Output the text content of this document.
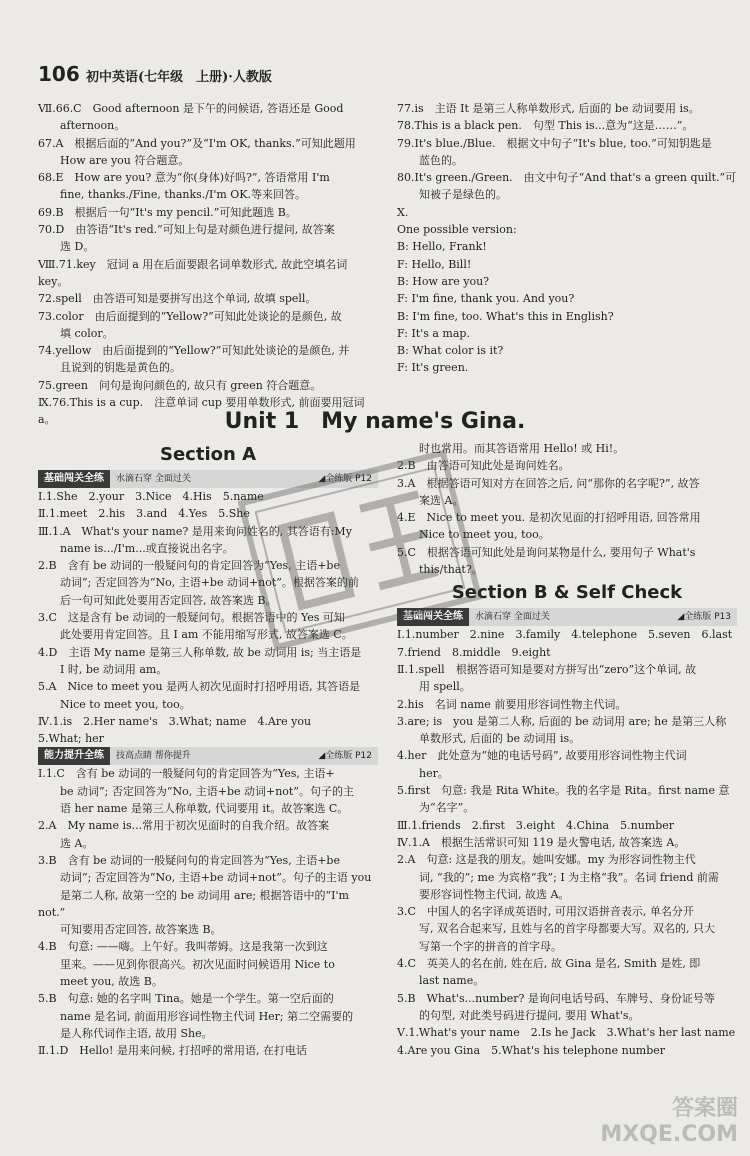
106 初中英语(七年级　上册)·人教版
Ⅶ.66.C　Good afternoon 是下午的问候语, 答语还是 Good
　　afternoon。
67.A　根据后面的“And you?”及“I'm OK, thanks.”可知此题用
　　How are you 符合题意。
68.E　How are you? 意为“你(身体)好吗?”, 答语常用 I'm
　　fine, thanks./Fine, thanks./I'm OK.等来回答。
69.B　根据后一句“It's my pencil.”可知此题选 B。
70.D　由答语“It's red.”可知上句是对颜色进行提问, 故答案
　　选 D。
Ⅷ.71.key　冠词 a 用在后面要跟名词单数形式, 故此空填名词 key。
72.spell　由答语可知是要拼写出这个单词, 故填 spell。
73.color　由后面提到的“Yellow?”可知此处谈论的是颜色, 故
　　填 color。
74.yellow　由后面提到的“Yellow?”可知此处谈论的是颜色, 并
　　且说到的钥匙是黄色的。
75.green　问句是询问颜色的, 故只有 green 符合题意。
Ⅸ.76.This is a cup.　注意单词 cup 要用单数形式, 前面要用冠词 a。
77.is　主语 It 是第三人称单数形式, 后面的 be 动词要用 is。
78.This is a black pen.　句型 This is...意为“这是……”。
79.It's blue./Blue.　根据文中句子“It's blue, too.”可知钥匙是
　　蓝色的。
80.It's green./Green.　由文中句子“And that's a green quilt.”可
　　知被子是绿色的。
Ⅹ.
One possible version:
B: Hello, Frank!
F: Hello, Bill!
B: How are you?
F: I'm fine, thank you. And you?
B: I'm fine, too. What's this in English?
F: It's a map.
B: What color is it?
F: It's green.
Unit 1　My name's Gina.
Section A
基础闯关全练	水滴石穿 全面过关	◢全练版 P12
Ⅰ.1.She　2.your　3.Nice　4.His　5.name
Ⅱ.1.meet　2.his　3.and　4.Yes　5.She
Ⅲ.1.A　What's your name? 是用来询问姓名的, 其答语有:My
　　name is.../I'm...或直接说出名字。
2.B　含有 be 动词的一般疑问句的肯定回答为“Yes, 主语+be
　　动词”; 否定回答为“No, 主语+be 动词+not”。根据答案的前
　　后一句可知此处要用否定回答, 故答案选 B。
3.C　这是含有 be 动词的一般疑问句。根据答语中的 Yes 可知
　　此处要用肯定回答。且 I am 不能用缩写形式, 故答案选 C。
4.D　主语 My name 是第三人称单数, 故 be 动词用 is; 当主语是
　　I 时, be 动词用 am。
5.A　Nice to meet you 是两人初次见面时打招呼用语, 其答语是
　　Nice to meet you, too。
Ⅳ.1.is　2.Her name's　3.What; name　4.Are you
5.What; her
能力提升全练	技高点睛 帮你提升	◢全练版 P12
Ⅰ.1.C　含有 be 动词的一般疑问句的肯定回答为“Yes, 主语+
　　be 动词”; 否定回答为“No, 主语+be 动词+not”。句子的主
　　语 her name 是第三人称单数, 代词要用 it。故答案选 C。
2.A　My name is...常用于初次见面时的自我介绍。故答案
　　选 A。
3.B　含有 be 动词的一般疑问句的肯定回答为“Yes, 主语+be
　　动词”; 否定回答为“No, 主语+be 动词+not”。句子的主语 you
　　是第二人称, 故第一空的 be 动词用 are; 根据答语中的“I'm not.”
　　可知要用否定回答, 故答案选 B。
4.B　句意: ——嗨。上午好。我叫蒂姆。这是我第一次到这
　　里来。——见到你很高兴。初次见面时问候语用 Nice to
　　meet you, 故选 B。
5.B　句意: 她的名字叫 Tina。她是一个学生。第一空后面的
　　name 是名词, 前面用形容词性物主代词 Her; 第二空需要的
　　是人称代词作主语, 故用 She。
Ⅱ.1.D　Hello! 是用来问候, 打招呼的常用语, 在打电话
　　时也常用。而其答语常用 Hello! 或 Hi!。
2.B　由答语可知此处是询问姓名。
3.A　根据答语可知对方在回答之后, 问“那你的名字呢?”, 故答
　　案选 A。
4.E　Nice to meet you. 是初次见面的打招呼用语, 回答常用
　　Nice to meet you, too。
5.C　根据答语可知此处是询问某物是什么, 要用句子 What's
　　this/that?。
Section B & Self Check
基础闯关全练	水滴石穿 全面过关	◢全练版 P13
Ⅰ.1.number　2.nine　3.family　4.telephone　5.seven　6.last
7.friend　8.middle　9.eight
Ⅱ.1.spell　根据答语可知是要对方拼写出“zero”这个单词, 故
　　用 spell。
2.his　名词 name 前要用形容词性物主代词。
3.are; is　you 是第二人称, 后面的 be 动词用 are; he 是第三人称
　　单数形式, 后面的 be 动词用 is。
4.her　此处意为“她的电话号码”, 故要用形容词性物主代词
　　her。
5.first　句意: 我是 Rita White。我的名字是 Rita。first name 意
　　为“名字”。
Ⅲ.1.friends　2.first　3.eight　4.China　5.number
Ⅳ.1.A　根据生活常识可知 119 是火警电话, 故答案选 A。
2.A　句意: 这是我的朋友。她叫安娜。my 为形容词性物主代
　　词, “我的”; me 为宾格“我”; I 为主格“我”。名词 friend 前需
　　要形容词性物主代词, 故选 A。
3.C　中国人的名字译成英语时, 可用汉语拼音表示, 单名分开
　　写, 双名合起来写, 且姓与名的首字母都要大写。双名的, 只大
　　写第一个字的拼音的首字母。
4.C　英美人的名在前, 姓在后, 故 Gina 是名, Smith 是姓, 即
　　last name。
5.B　What's...number? 是询问电话号码、车牌号、身份证号等
　　的句型, 对此类号码进行提问, 要用 What's。
Ⅴ.1.What's your name　2.Is he Jack　3.What's her last name
4.Are you Gina　5.What's his telephone number
答案圈
MXQE.COM
